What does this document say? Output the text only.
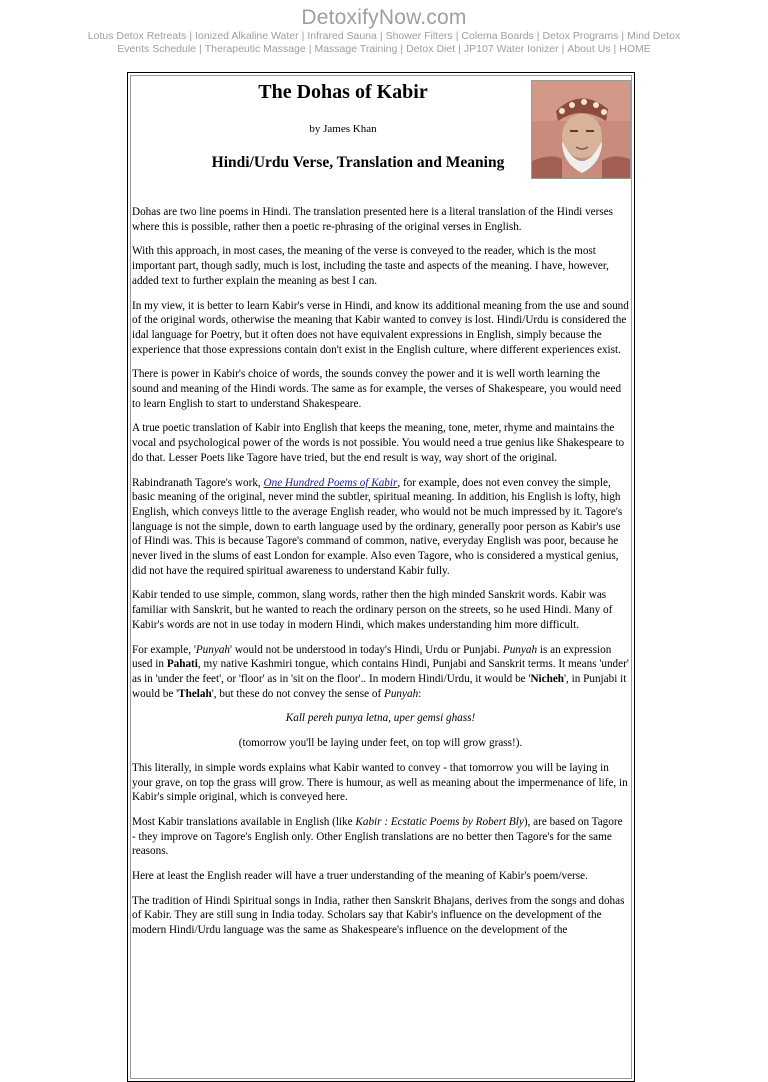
DetoxifyNow.com
Lotus Detox Retreats | Ionized Alkaline Water | Infrared Sauna | Shower Filters | Colema Boards | Detox Programs | Mind Detox
Events Schedule | Therapeutic Massage | Massage Training | Detox Diet | JP107 Water Ionizer | About Us | HOME
The Dohas of Kabir
by James Khan
Hindi/Urdu Verse, Translation and Meaning

Dohas are two line poems in Hindi. The translation presented here is a literal translation of the Hindi verses where this is possible, rather then a poetic re-phrasing of the original verses in English.

With this approach, in most cases, the meaning of the verse is conveyed to the reader, which is the most important part, though sadly, much is lost, including the taste and aspects of the meaning. I have, however, added text to further explain the meaning as best I can.

In my view, it is better to learn Kabir's verse in Hindi, and know its additional meaning from the use and sound of the original words, otherwise the meaning that Kabir wanted to convey is lost. Hindi/Urdu is considered the idal language for Poetry, but it often does not have equivalent expressions in English, simply because the experience that those expressions contain don't exist in the English culture, where different experiences exist.

There is power in Kabir's choice of words, the sounds convey the power and it is well worth learning the sound and meaning of the Hindi words. The same as for example, the verses of Shakespeare, you would need to learn English to start to understand Shakespeare.

A true poetic translation of Kabir into English that keeps the meaning, tone, meter, rhyme and maintains the vocal and psychological power of the words is not possible. You would need a true genius like Shakespeare to do that. Lesser Poets like Tagore have tried, but the end result is way, way short of the original.

Rabindranath Tagore's work, One Hundred Poems of Kabir, for example, does not even convey the simple, basic meaning of the original, never mind the subtler, spiritual meaning. In addition, his English is lofty, high English, which conveys little to the average English reader, who would not be much impressed by it. Tagore's language is not the simple, down to earth language used by the ordinary, generally poor person as Kabir's use of Hindi was. This is because Tagore's command of common, native, everyday English was poor, because he never lived in the slums of east London for example. Also even Tagore, who is considered a mystical genius, did not have the required spiritual awareness to understand Kabir fully.

Kabir tended to use simple, common, slang words, rather then the high minded Sanskrit words. Kabir was familiar with Sanskrit, but he wanted to reach the ordinary person on the streets, so he used Hindi. Many of Kabir's words are not in use today in modern Hindi, which makes understanding him more difficult.

For example, 'Punyah' would not be understood in today's Hindi, Urdu or Punjabi. Punyah is an expression used in Pahati, my native Kashmiri tongue, which contains Hindi, Punjabi and Sanskrit terms. It means 'under' as in 'under the feet', or 'floor' as in 'sit on the floor'.. In modern Hindi/Urdu, it would be 'Nicheh', in Punjabi it would be 'Thelah', but these do not convey the sense of Punyah:

Kall pereh punya letna, uper gemsi ghass!

(tomorrow you'll be laying under feet, on top will grow grass!).

This literally, in simple words explains what Kabir wanted to convey - that tomorrow you will be laying in your grave, on top the grass will grow. There is humour, as well as meaning about the impermenance of life, in Kabir's simple original, which is conveyed here.

Most Kabir translations available in English (like Kabir : Ecstatic Poems by Robert Bly), are based on Tagore - they improve on Tagore's English only. Other English translations are no better then Tagore's for the same reasons.

Here at least the English reader will have a truer understanding of the meaning of Kabir's poem/verse.

The tradition of Hindi Spiritual songs in India, rather then Sanskrit Bhajans, derives from the songs and dohas of Kabir. They are still sung in India today. Scholars say that Kabir's influence on the development of the modern Hindi/Urdu language was the same as Shakespeare's influence on the development of the
